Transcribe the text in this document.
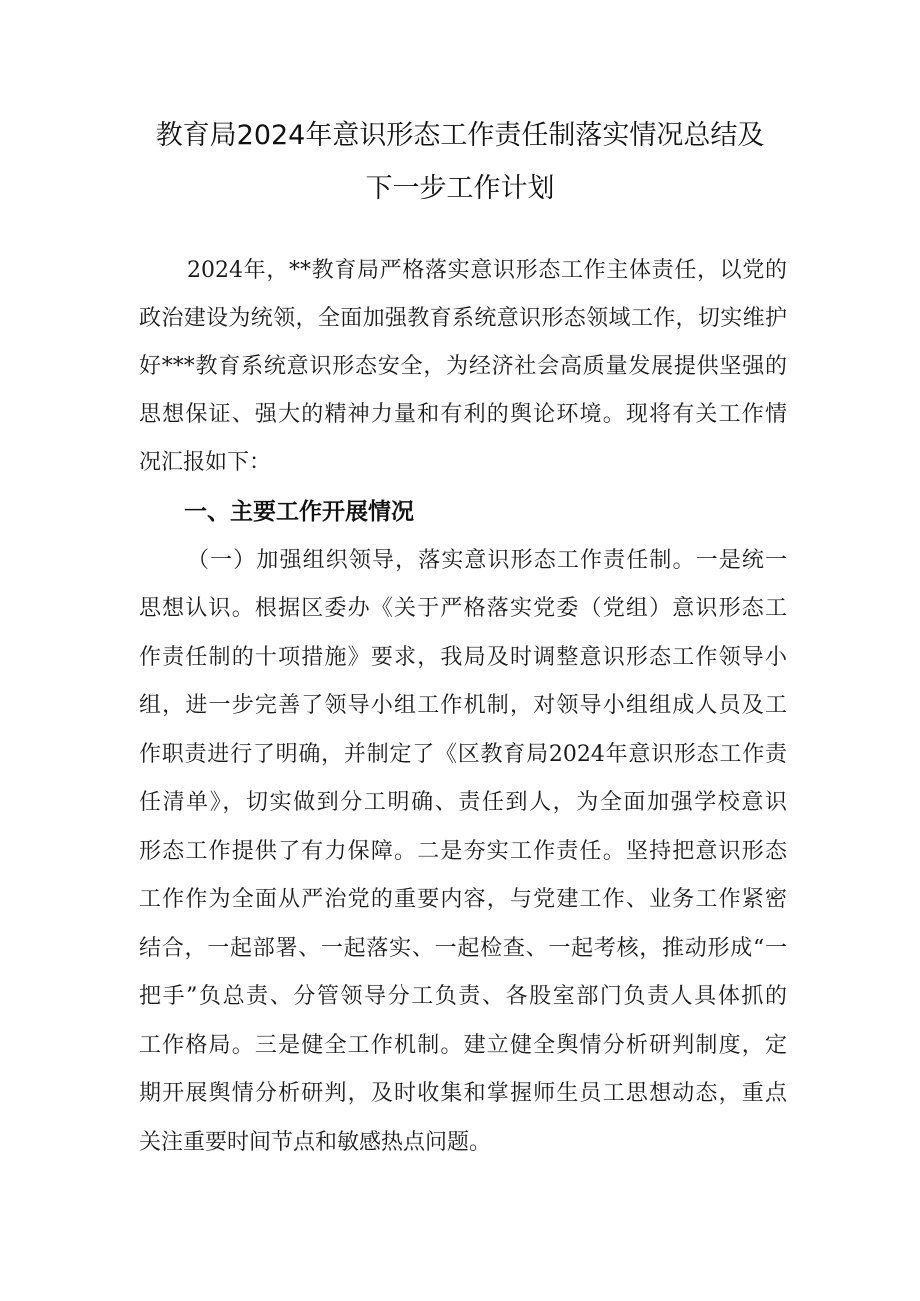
教育局2024年意识形态工作责任制落实情况总结及
下一步工作计划
2024年，**教育局严格落实意识形态工作主体责任，以党的
政治建设为统领，全面加强教育系统意识形态领域工作，切实维护
好***教育系统意识形态安全，为经济社会高质量发展提供坚强的
思想保证、强大的精神力量和有利的舆论环境。现将有关工作情
况汇报如下：
一、主要工作开展情况
（一）加强组织领导，落实意识形态工作责任制。一是统一
思想认识。根据区委办《关于严格落实党委（党组）意识形态工
作责任制的十项措施》要求，我局及时调整意识形态工作领导小
组，进一步完善了领导小组工作机制，对领导小组组成人员及工
作职责进行了明确，并制定了《区教育局2024年意识形态工作责
任清单》，切实做到分工明确、责任到人，为全面加强学校意识
形态工作提供了有力保障。二是夯实工作责任。坚持把意识形态
工作作为全面从严治党的重要内容，与党建工作、业务工作紧密
结合，一起部署、一起落实、一起检查、一起考核，推动形成“一
把手”负总责、分管领导分工负责、各股室部门负责人具体抓的
工作格局。三是健全工作机制。建立健全舆情分析研判制度，定
期开展舆情分析研判，及时收集和掌握师生员工思想动态，重点
关注重要时间节点和敏感热点问题。
